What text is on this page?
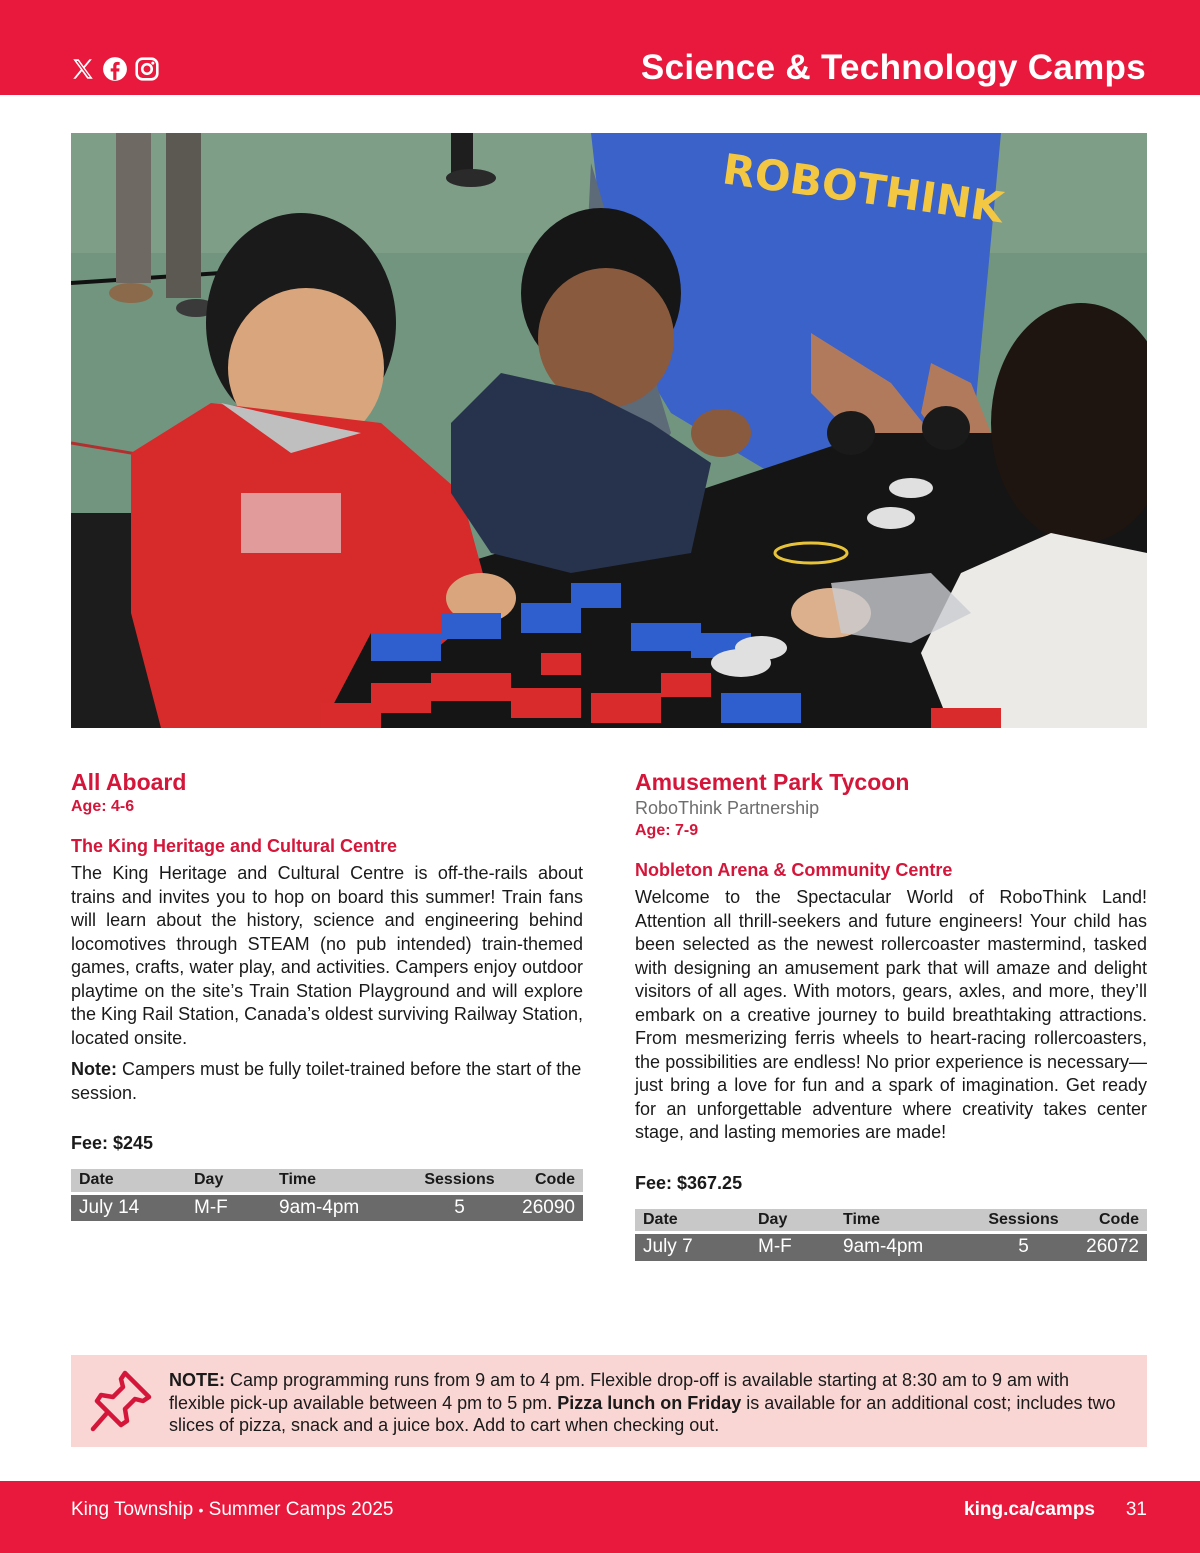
Science & Technology Camps
ROBOTHINK
All Aboard
Age: 4-6
The King Heritage and Cultural Centre
The King Heritage and Cultural Centre is off-the-rails about trains and invites you to hop on board this summer! Train fans will learn about the history, science and engineering behind locomotives through STEAM (no pub intended) train-themed games, crafts, water play, and activities. Campers enjoy outdoor playtime on the site’s Train Station Playground and will explore the King Rail Station, Canada’s oldest surviving Railway Station, located onsite.
Note: Campers must be fully toilet-trained before the start of the session.
Fee: $245
Date	Day	Time	Sessions	Code
July 14	M-F	9am-4pm	5	26090
Amusement Park Tycoon
RoboThink Partnership
Age: 7-9
Nobleton Arena & Community Centre
Welcome to the Spectacular World of RoboThink Land! Attention all thrill-seekers and future engineers! Your child has been selected as the newest rollercoaster mastermind, tasked with designing an amusement park that will amaze and delight visitors of all ages. With motors, gears, axles, and more, they’ll embark on a creative journey to build breathtaking attractions. From mesmerizing ferris wheels to heart-racing rollercoasters, the possibilities are endless! No prior experience is necessary—just bring a love for fun and a spark of imagination. Get ready for an unforgettable adventure where creativity takes center stage, and lasting memories are made!
Fee: $367.25
Date	Day	Time	Sessions	Code
July 7	M-F	9am-4pm	5	26072
NOTE: Camp programming runs from 9 am to 4 pm. Flexible drop-off is available starting at 8:30 am to 9 am with flexible pick-up available between 4 pm to 5 pm. Pizza lunch on Friday is available for an additional cost; includes two slices of pizza, snack and a juice box. Add to cart when checking out.
King Township • Summer Camps 2025	king.ca/camps 31
